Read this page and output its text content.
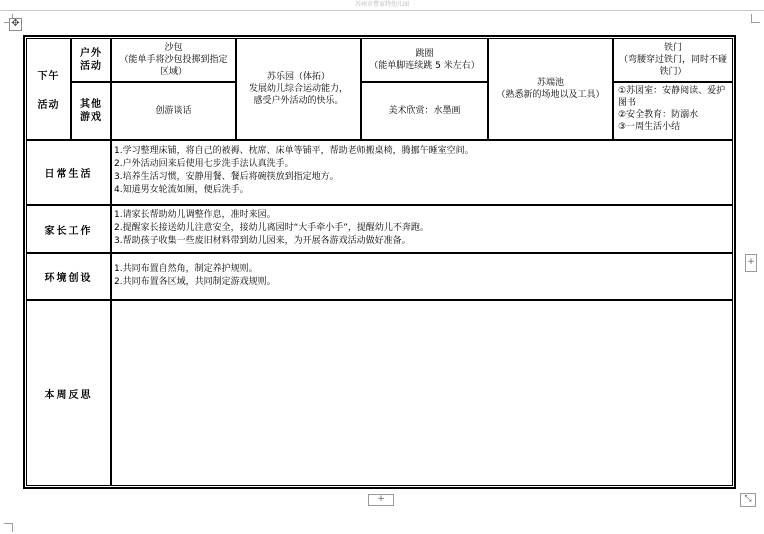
苏州市曹家特幼儿园
✥
下午
活动
户外活动
其他游戏
沙包
（能单手将沙包投掷到指定区域）
创游谈话
苏乐园（体拓）
发展幼儿综合运动能力，感受户外活动的快乐。
跳圈
（能单脚连续跳 5 米左右）
美术欣赏：水墨画
苏端池
（熟悉新的场地以及工具）
铁门
（弯腰穿过铁门，同时不碰铁门）
①苏図室：安静阅读、爱护图书
②安全教育：防溺水
③一周生活小结
日常生活
1.学习整理床铺，将自己的被褥、枕席、床单等铺平，帮助老师搬桌椅，腾挪午睡室空间。
2.户外活动回来后使用七步洗手法认真洗手。
3.培养生活习惯，安静用餐、餐后将碗筷放到指定地方。
4.知道男女轮流如厕，便后洗手。
家长工作
1.请家长帮助幼儿调整作息，准时来园。
2.提醒家长接送幼儿注意安全，接幼儿离园时“大手牵小手”，提醒幼儿不奔跑。
3.帮助孩子收集一些废旧材料带到幼儿园来，为开展各游戏活动做好准备。
环境创设
1.共同布置自然角，制定养护规则。
2.共同布置各区域，共同制定游戏规则。
本周反思
+
+	⤡
